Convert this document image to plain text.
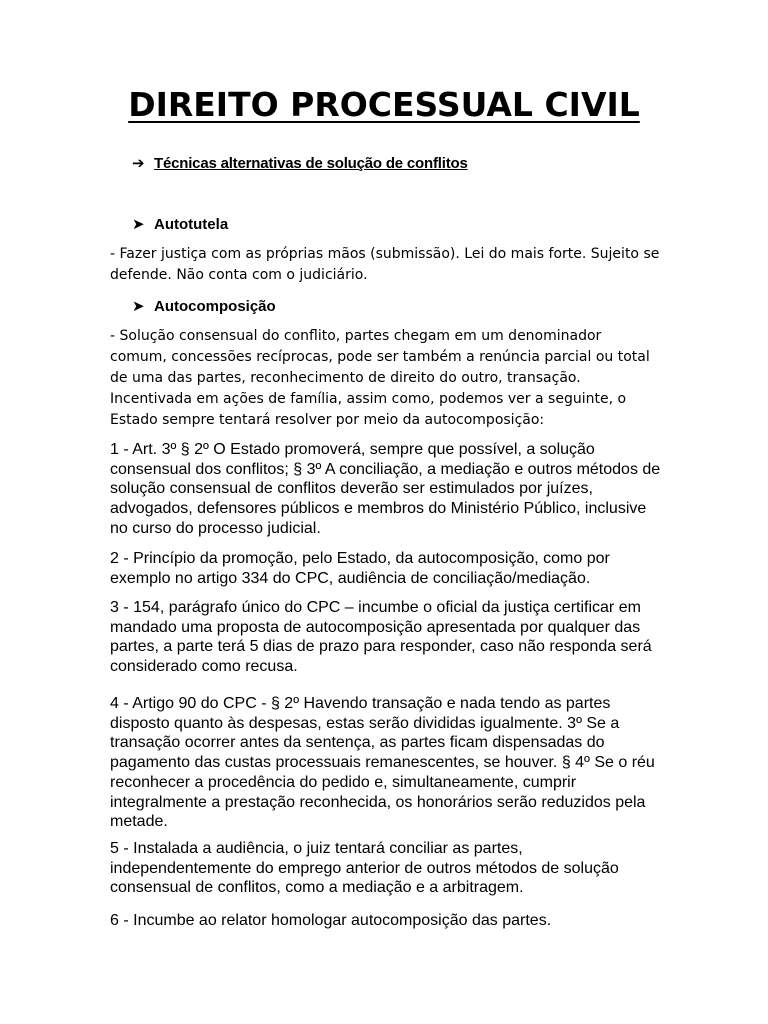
DIREITO PROCESSUAL CIVIL
➔ Técnicas alternativas de solução de conflitos
➤ Autotutela

- Fazer justiça com as próprias mãos (submissão). Lei do mais forte. Sujeito se defende. Não conta com o judiciário.

➤ Autocomposição

- Solução consensual do conflito, partes chegam em um denominador comum, concessões recíprocas, pode ser também a renúncia parcial ou total de uma das partes, reconhecimento de direito do outro, transação. Incentivada em ações de família, assim como, podemos ver a seguinte, o Estado sempre tentará resolver por meio da autocomposição:

1 - Art. 3º § 2º O Estado promoverá, sempre que possível, a solução consensual dos conflitos; § 3º A conciliação, a mediação e outros métodos de solução consensual de conflitos deverão ser estimulados por juízes, advogados, defensores públicos e membros do Ministério Público, inclusive no curso do processo judicial.

2 - Princípio da promoção, pelo Estado, da autocomposição, como por exemplo no artigo 334 do CPC, audiência de conciliação/mediação.

3 - 154, parágrafo único do CPC – incumbe o oficial da justiça certificar em mandado uma proposta de autocomposição apresentada por qualquer das partes, a parte terá 5 dias de prazo para responder, caso não responda será considerado como recusa.

4 - Artigo 90 do CPC - § 2º Havendo transação e nada tendo as partes disposto quanto às despesas, estas serão divididas igualmente. 3º Se a transação ocorrer antes da sentença, as partes ficam dispensadas do pagamento das custas processuais remanescentes, se houver. § 4º Se o réu reconhecer a procedência do pedido e, simultaneamente, cumprir integralmente a prestação reconhecida, os honorários serão reduzidos pela metade.

5 - Instalada a audiência, o juiz tentará conciliar as partes, independentemente do emprego anterior de outros métodos de solução consensual de conflitos, como a mediação e a arbitragem.

6 - Incumbe ao relator homologar autocomposição das partes.
